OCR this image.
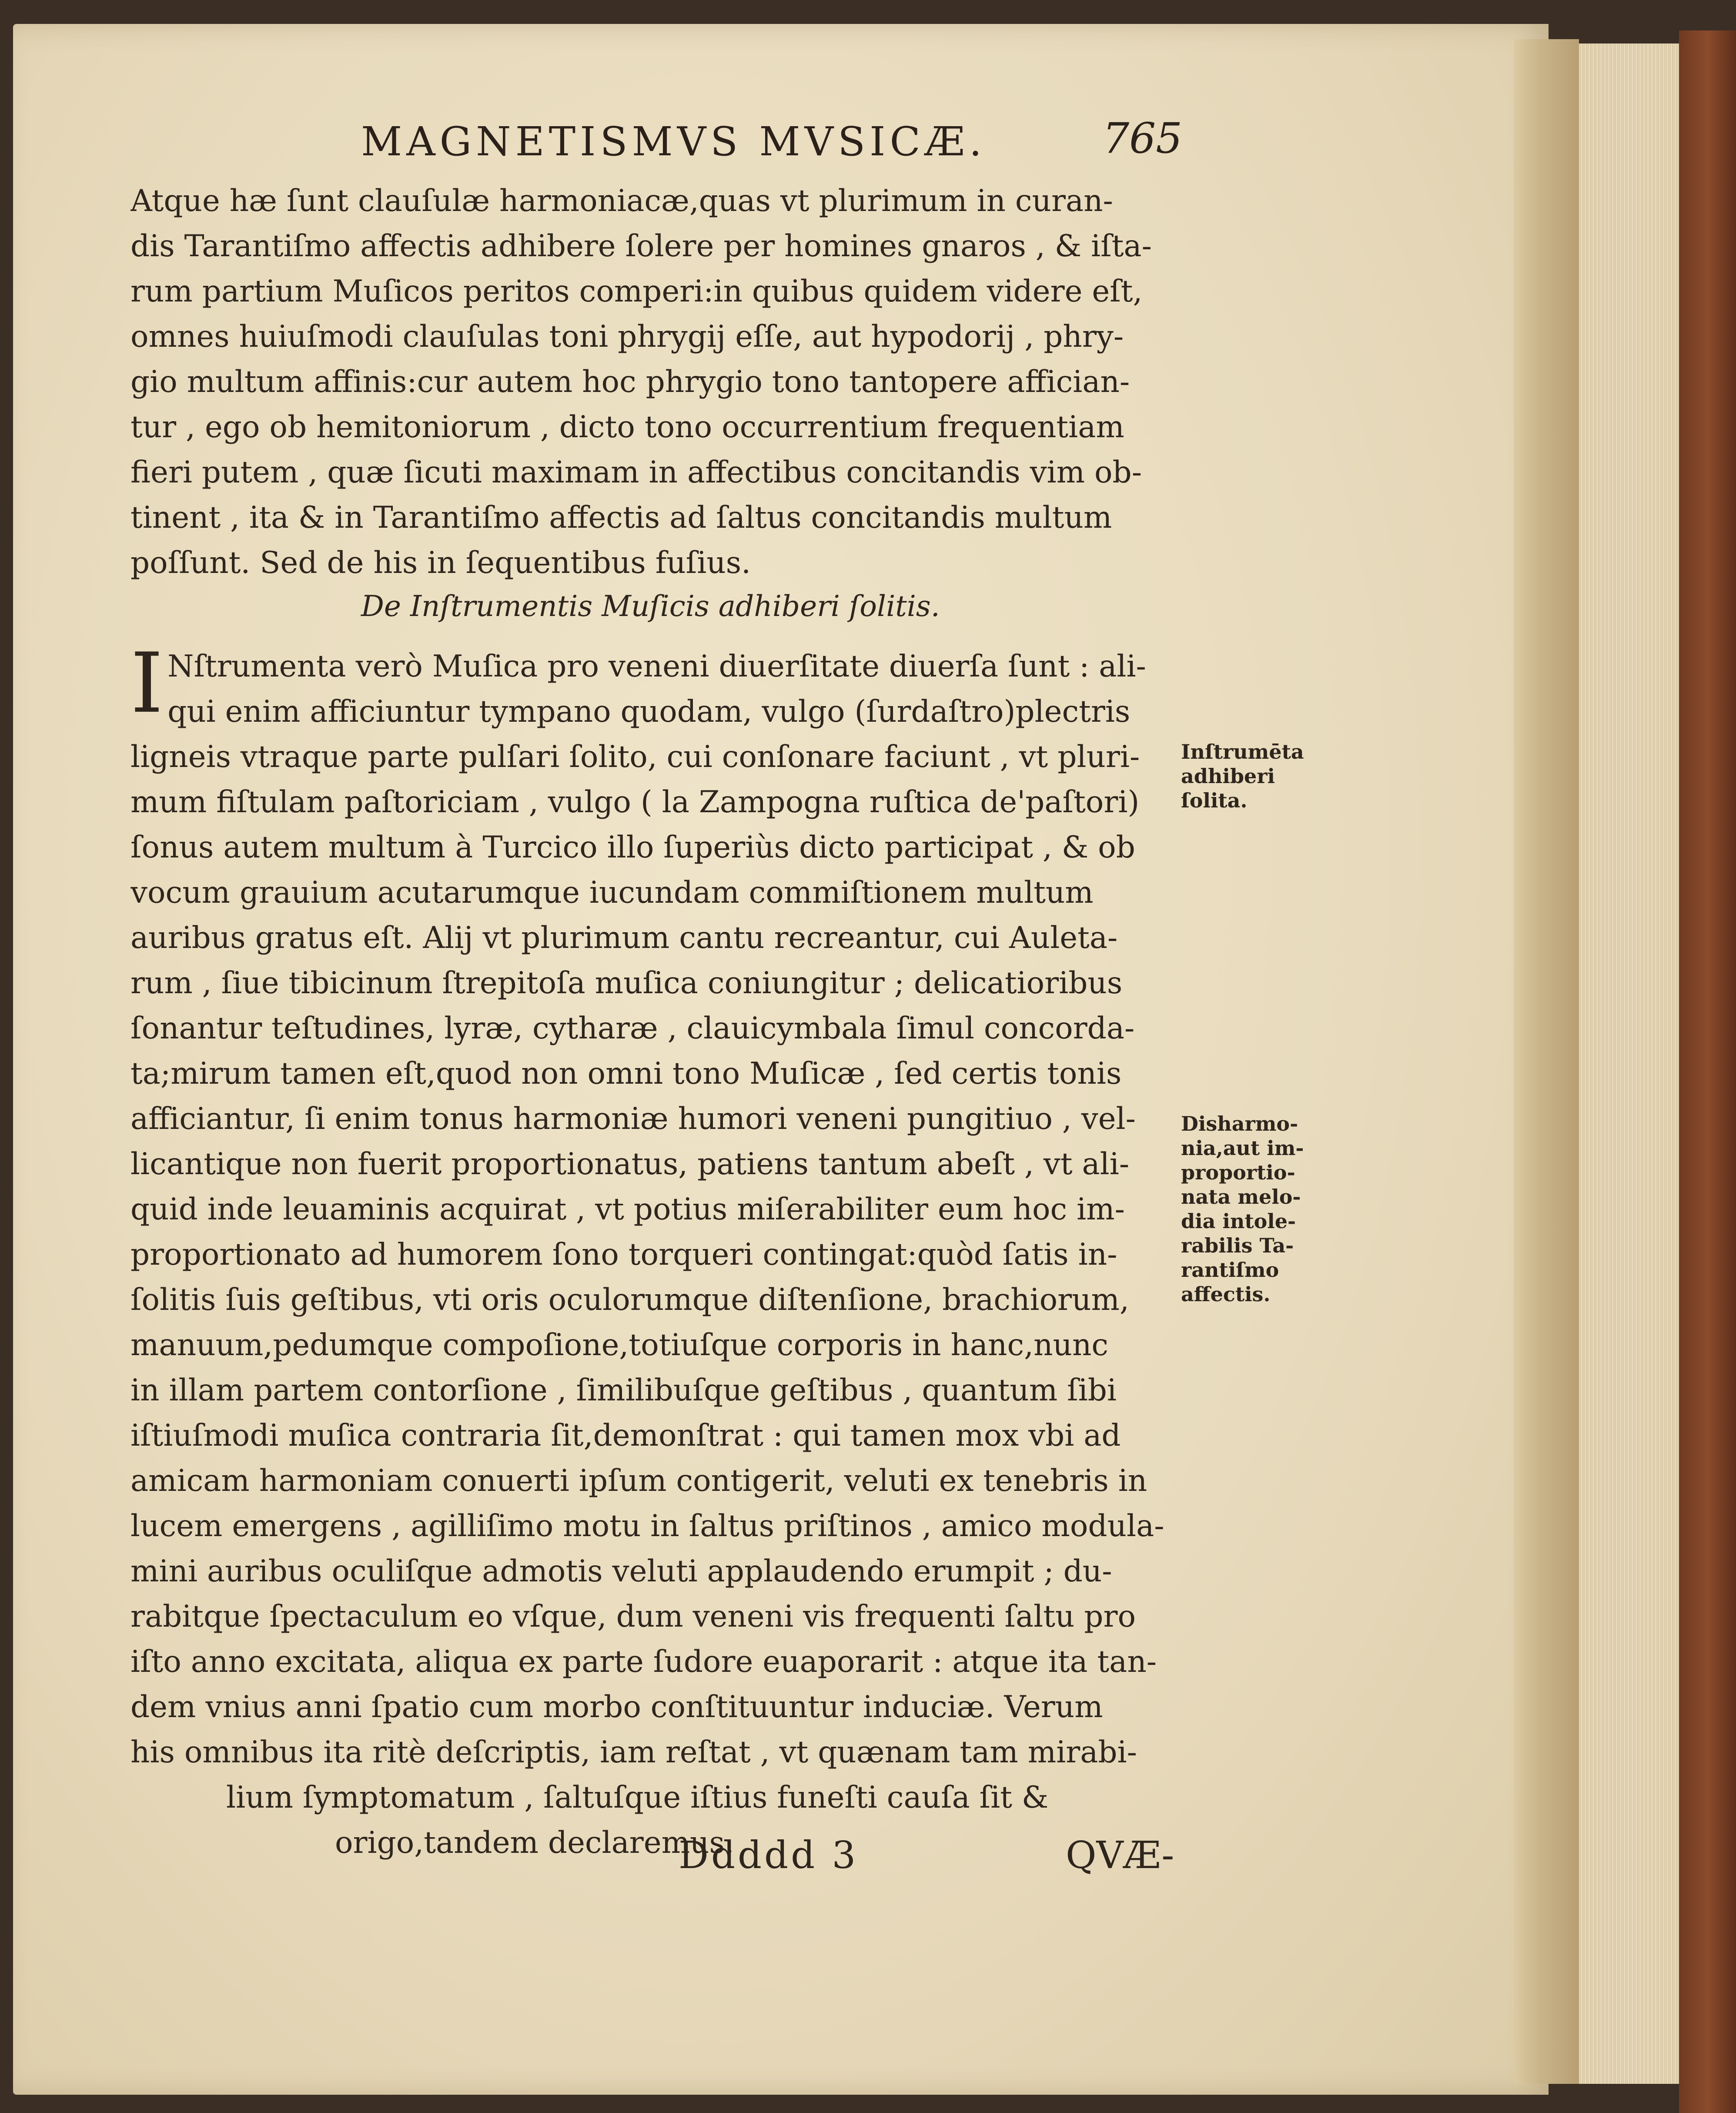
MAGNETISMVS MVSICÆ.	765
Atque hæ ſunt clauſulæ harmoniacæ,quas vt plurimum in curan-
dis Tarantiſmo affectis adhibere ſolere per homines gnaros , & iſta-
rum partium Muſicos peritos comperi:in quibus quidem videre eſt,
omnes huiuſmodi clauſulas toni phrygij eſſe, aut hypodorij , phry-
gio multum affinis:cur autem hoc phrygio tono tantopere affician-
tur , ego ob hemitoniorum , dicto tono occurrentium frequentiam
fieri putem , quæ ſicuti maximam in affectibus concitandis vim ob-
tinent , ita & in Tarantiſmo affectis ad ſaltus concitandis multum
poſſunt. Sed de his in ſequentibus fuſius.
De Inſtrumentis Muſicis adhiberi ſolitis.
I Nſtrumenta verò Muſica pro veneni diuerſitate diuerſa ſunt : ali-
qui enim afficiuntur tympano quodam, vulgo (ſurdaſtro)plectris
ligneis vtraque parte pulſari ſolito, cui conſonare faciunt , vt pluri-
mum fiſtulam paſtoriciam , vulgo ( la Zampogna ruſtica de'paſtori)
ſonus autem multum à Turcico illo ſuperiùs dicto participat , & ob
vocum grauium acutarumque iucundam commiſtionem multum
auribus gratus eſt. Alij vt plurimum cantu recreantur, cui Auleta-
rum , ſiue tibicinum ſtrepitoſa muſica coniungitur ; delicatioribus
ſonantur teſtudines, lyræ, cytharæ , clauicymbala ſimul concorda-
ta;mirum tamen eſt,quod non omni tono Muſicæ , ſed certis tonis
afficiantur, ſi enim tonus harmoniæ humori veneni pungitiuo , vel-
licantique non fuerit proportionatus, patiens tantum abeſt , vt ali-
quid inde leuaminis acquirat , vt potius miſerabiliter eum hoc im-
proportionato ad humorem ſono torqueri contingat:quòd ſatis in-
ſolitis ſuis geſtibus, vti oris oculorumque diſtenſione, brachiorum,
manuum,pedumque compoſione,totiuſque corporis in hanc,nunc
in illam partem contorſione , ſimilibuſque geſtibus , quantum ſibi
iſtiuſmodi muſica contraria ſit,demonſtrat : qui tamen mox vbi ad
amicam harmoniam conuerti ipſum contigerit, veluti ex tenebris in
lucem emergens , agilliſimo motu in ſaltus priſtinos , amico modula-
mini auribus oculiſque admotis veluti applaudendo erumpit ; du-
rabitque ſpectaculum eo vſque, dum veneni vis frequenti ſaltu pro
iſto anno excitata, aliqua ex parte ſudore euaporarit : atque ita tan-
dem vnius anni ſpatio cum morbo conſtituuntur induciæ. Verum
his omnibus ita ritè deſcriptis, iam reſtat , vt quænam tam mirabi-
lium ſymptomatum , ſaltuſque iſtius funeſti cauſa ſit &
origo,tandem declaremus.
Inſtrumēta
adhiberi
ſolita.
Disharmo-
nia,aut im-
proportio-
nata melo-
dia intole-
rabilis Ta-
rantiſmo
affectis.
Ddddd 3	QVÆ-
